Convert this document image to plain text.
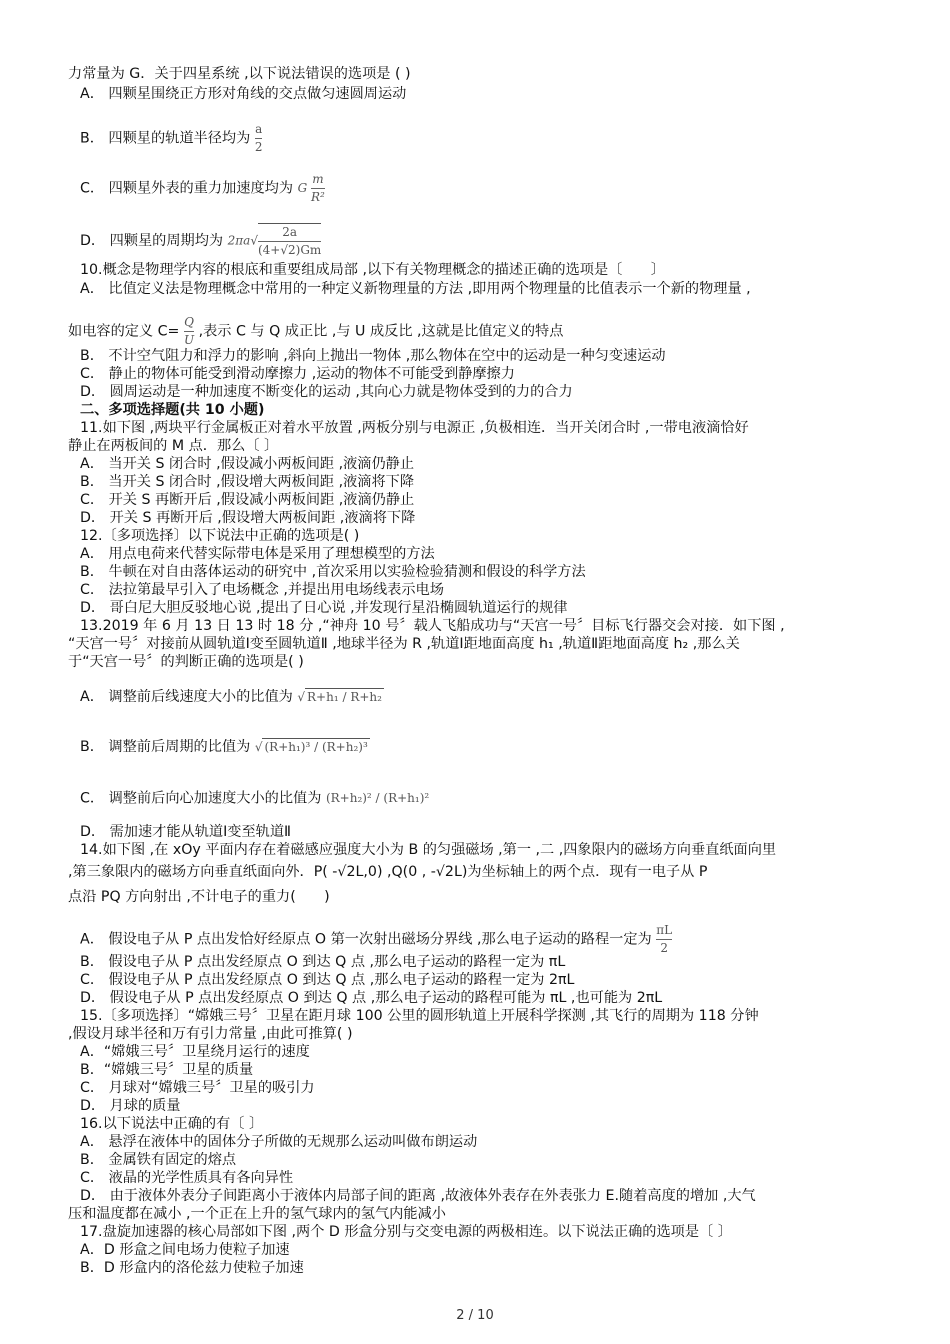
力常量为 G．关于四星系统 ,以下说法错误的选项是 ( )
A． 四颗星围绕正方形对角线的交点做匀速圆周运动
B． 四颗星的轨道半径均为 $\frac{a}{2}$
C． 四颗星外表的重力加速度均为 G $\frac{m}{\text{R²}}$
D． 四颗星的周期均为 $2\pi a√ \frac{2a}{(4+√2)Gm}$
10.概念是物理学内容的根底和重要组成局部 ,以下有关物理概念的描述正确的选项是〔　　〕
A． 比值定义法是物理概念中常用的一种定义新物理量的方法 ,即用两个物理量的比值表示一个新的物理量 ,
如电容的定义 $C= \frac{Q}{U}$ ,表示 C 与 Q 成正比 ,与 U 成反比 ,这就是比值定义的特点
B． 不计空气阻力和浮力的影响 ,斜向上抛出一物体 ,那么物体在空中的运动是一种匀变速运动
C． 静止的物体可能受到滑动摩擦力 ,运动的物体不可能受到静摩擦力
D． 圆周运动是一种加速度不断变化的运动 ,其向心力就是物体受到的力的合力
二、多项选择题(共 10 小题)
11.如下图 ,两块平行金属板正对着水平放置 ,两板分别与电源正 ,负极相连．当开关闭合时 ,一带电液滴恰好
静止在两板间的 M 点．那么〔 〕
A． 当开关 S 闭合时 ,假设减小两板间距 ,液滴仍静止
B． 当开关 S 闭合时 ,假设增大两板间距 ,液滴将下降
C． 开关 S 再断开后 ,假设减小两板间距 ,液滴仍静止
D． 开关 S 再断开后 ,假设增大两板间距 ,液滴将下降
12.〔多项选择〕以下说法中正确的选项是( )
A． 用点电荷来代替实际带电体是采用了理想模型的方法
B． 牛顿在对自由落体运动的研究中 ,首次采用以实验检验猜测和假设的科学方法
C． 法拉第最早引入了电场概念 ,并提出用电场线表示电场
D． 哥白尼大胆反驳地心说 ,提出了日心说 ,并发现行星沿椭圆轨道运行的规律
13.2019 年 6 月 13 日 13 时 18 分 ,“神舟 10 号〞载人飞船成功与“天宫一号〞目标飞行器交会对接．如下图 ,
“天宫一号〞对接前从圆轨道Ⅰ变至圆轨道Ⅱ ,地球半径为 R ,轨道Ⅰ距地面高度 h₁ ,轨道Ⅱ距地面高度 h₂ ,那么关
于“天宫一号〞的判断正确的选项是( )
A． 调整前后线速度大小的比值为 √ R+h₁ / R+h₂
B． 调整前后周期的比值为 √ (R+h₁)³ / (R+h₂)³
C． 调整前后向心加速度大小的比值为 (R+h₂)² / (R+h₁)²
D． 需加速才能从轨道Ⅰ变至轨道Ⅱ
14.如下图 ,在 xOy 平面内存在着磁感应强度大小为 B 的匀强磁场 ,第一 ,二 ,四象限内的磁场方向垂直纸面向里
,第三象限内的磁场方向垂直纸面向外．P( -√2L,0) ,Q(0 , -√2L)为坐标轴上的两个点．现有一电子从 P
点沿 PQ 方向射出 ,不计电子的重力(　　)
A． 假设电子从 P 点出发恰好经原点 O 第一次射出磁场分界线 ,那么电子运动的路程一定为 $\frac{\pi L}{2}$
B． 假设电子从 P 点出发经原点 O 到达 Q 点 ,那么电子运动的路程一定为 πL
C． 假设电子从 P 点出发经原点 O 到达 Q 点 ,那么电子运动的路程一定为 2πL
D． 假设电子从 P 点出发经原点 O 到达 Q 点 ,那么电子运动的路程可能为 πL ,也可能为 2πL
15.〔多项选择〕“嫦娥三号〞卫星在距月球 100 公里的圆形轨道上开展科学探测 ,其飞行的周期为 118 分钟
,假设月球半径和万有引力常量 ,由此可推算( )
A．“嫦娥三号〞卫星绕月运行的速度
B．“嫦娥三号〞卫星的质量
C． 月球对“嫦娥三号〞卫星的吸引力
D． 月球的质量
16.以下说法中正确的有〔 〕
A． 悬浮在液体中的固体分子所做的无规那么运动叫做布朗运动
B． 金属铁有固定的熔点
C． 液晶的光学性质具有各向异性
D． 由于液体外表分子间距离小于液体内局部子间的距离 ,故液体外表存在外表张力 E.随着高度的增加 ,大气
压和温度都在减小 ,一个正在上升的氢气球内的氢气内能减小
17.盘旋加速器的核心局部如下图 ,两个 D 形盒分别与交变电源的两极相连。以下说法正确的选项是〔 〕
A．D 形盒之间电场力使粒子加速
B．D 形盒内的洛伦兹力使粒子加速
2 / 10
